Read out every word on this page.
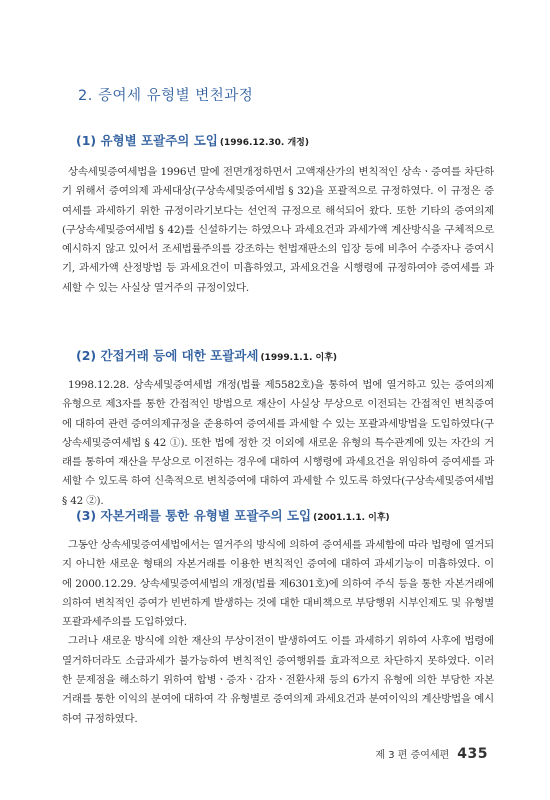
2. 증여세 유형별 변천과정
(1) 유형별 포괄주의 도입 (1996.12.30. 개정)

상속세및증여세법을 1996년 말에 전면개정하면서 고액재산가의 변칙적인 상속ㆍ증여를 차단하기 위해서 증여의제 과세대상(구상속세및증여세법 § 32)을 포괄적으로 규정하였다. 이 규정은 증여세를 과세하기 위한 규정이라기보다는 선언적 규정으로 해석되어 왔다. 또한 기타의 증여의제(구상속세및증여세법 § 42)를 신설하기는 하였으나 과세요건과 과세가액 계산방식을 구체적으로 예시하지 않고 있어서 조세법률주의를 강조하는 헌법재판소의 입장 등에 비추어 수증자나 증여시기, 과세가액 산정방법 등 과세요건이 미흡하였고, 과세요건을 시행령에 규정하여야 증여세를 과세할 수 있는 사실상 열거주의 규정이었다.

(2) 간접거래 등에 대한 포괄과세 (1999.1.1. 이후)

1998.12.28. 상속세및증여세법 개정(법률 제5582호)을 통하여 법에 열거하고 있는 증여의제 유형으로 제3자를 통한 간접적인 방법으로 재산이 사실상 무상으로 이전되는 간접적인 변칙증여에 대하여 관련 증여의제규정을 준용하여 증여세를 과세할 수 있는 포괄과세방법을 도입하였다(구상속세및증여세법 § 42 ①). 또한 법에 정한 것 이외에 새로운 유형의 특수관계에 있는 자간의 거래를 통하여 재산을 무상으로 이전하는 경우에 대하여 시행령에 과세요건을 위임하여 증여세를 과세할 수 있도록 하여 신축적으로 변칙증여에 대하여 과세할 수 있도록 하였다(구상속세및증여세법 § 42 ②).

(3) 자본거래를 통한 유형별 포괄주의 도입 (2001.1.1. 이후)

그동안 상속세및증여세법에서는 열거주의 방식에 의하여 증여세를 과세함에 따라 법령에 열거되지 아니한 새로운 형태의 자본거래를 이용한 변칙적인 증여에 대하여 과세기능이 미흡하였다. 이에 2000.12.29. 상속세및증여세법의 개정(법률 제6301호)에 의하여 주식 등을 통한 자본거래에 의하여 변칙적인 증여가 빈번하게 발생하는 것에 대한 대비책으로 부당행위 시부인제도 및 유형별 포괄과세주의를 도입하였다.

그러나 새로운 방식에 의한 재산의 무상이전이 발생하여도 이를 과세하기 위하여 사후에 법령에 열거하더라도 소급과세가 불가능하여 변칙적인 증여행위를 효과적으로 차단하지 못하였다. 이러한 문제점을 해소하기 위하여 합병ㆍ증자ㆍ감자ㆍ전환사채 등의 6가지 유형에 의한 부당한 자본거래를 통한 이익의 분여에 대하여 각 유형별로 증여의제 과세요건과 분여이익의 계산방법을 예시하여 규정하였다.

제 3 편 증여세편 435
